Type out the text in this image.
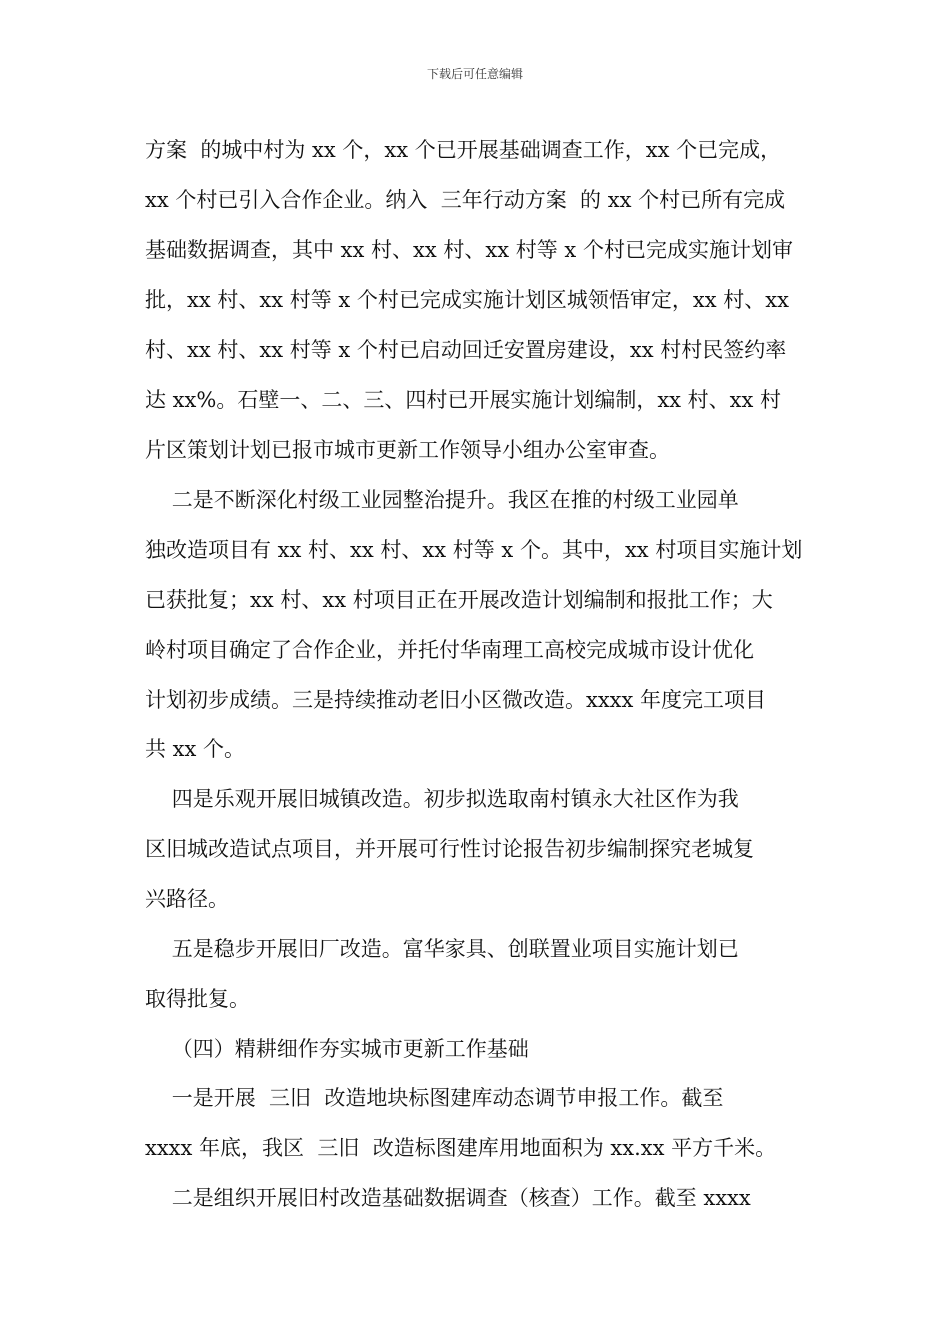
下载后可任意编辑
方案  的城中村为 xx 个，xx 个已开展基础调查工作，xx 个已完成，
xx 个村已引入合作企业。纳入  三年行动方案  的 xx 个村已所有完成
基础数据调查，其中 xx 村、xx 村、xx 村等 x 个村已完成实施计划审
批，xx 村、xx 村等 x 个村已完成实施计划区城领悟审定，xx 村、xx
村、xx 村、xx 村等 x 个村已启动回迁安置房建设，xx 村村民签约率
达 xx%。石壁一、二、三、四村已开展实施计划编制，xx 村、xx 村
片区策划计划已报市城市更新工作领导小组办公室审查。
二是不断深化村级工业园整治提升。我区在推的村级工业园单
独改造项目有 xx 村、xx 村、xx 村等 x 个。其中，xx 村项目实施计划
已获批复；xx 村、xx 村项目正在开展改造计划编制和报批工作；大
岭村项目确定了合作企业，并托付华南理工高校完成城市设计优化
计划初步成绩。三是持续推动老旧小区微改造。xxxx 年度完工项目
共 xx 个。
四是乐观开展旧城镇改造。初步拟选取南村镇永大社区作为我
区旧城改造试点项目，并开展可行性讨论报告初步编制探究老城复
兴路径。
五是稳步开展旧厂改造。富华家具、创联置业项目实施计划已
取得批复。
（四）精耕细作夯实城市更新工作基础
一是开展  三旧  改造地块标图建库动态调节申报工作。截至
xxxx 年底，我区  三旧  改造标图建库用地面积为 xx.xx 平方千米。
二是组织开展旧村改造基础数据调查（核查）工作。截至 xxxx
